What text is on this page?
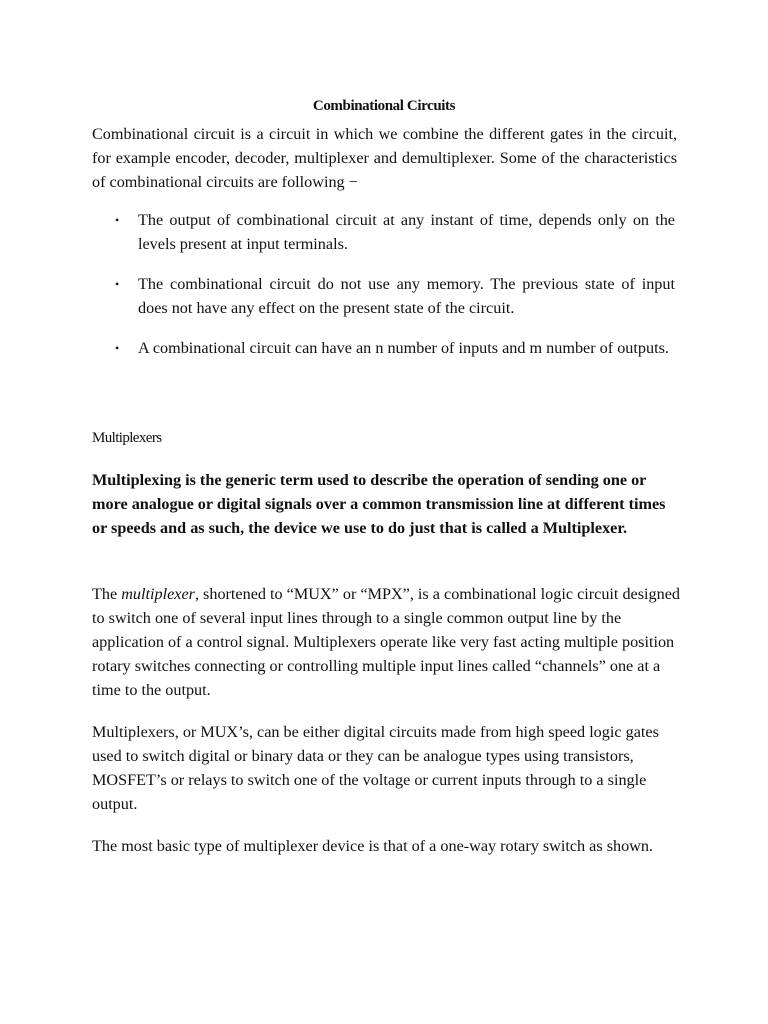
Combinational Circuits

Combinational circuit is a circuit in which we combine the different gates in the circuit, for example encoder, decoder, multiplexer and demultiplexer. Some of the characteristics of combinational circuits are following −

• The output of combinational circuit at any instant of time, depends only on the levels present at input terminals.
• The combinational circuit do not use any memory. The previous state of input does not have any effect on the present state of the circuit.
• A combinational circuit can have an n number of inputs and m number of outputs.
Multiplexers

Multiplexing is the generic term used to describe the operation of sending one or more analogue or digital signals over a common transmission line at different times or speeds and as such, the device we use to do just that is called a Multiplexer.

The multiplexer, shortened to “MUX” or “MPX”, is a combinational logic circuit designed to switch one of several input lines through to a single common output line by the application of a control signal. Multiplexers operate like very fast acting multiple position rotary switches connecting or controlling multiple input lines called “channels” one at a time to the output.

Multiplexers, or MUX’s, can be either digital circuits made from high speed logic gates used to switch digital or binary data or they can be analogue types using transistors, MOSFET’s or relays to switch one of the voltage or current inputs through to a single output.

The most basic type of multiplexer device is that of a one-way rotary switch as shown.
